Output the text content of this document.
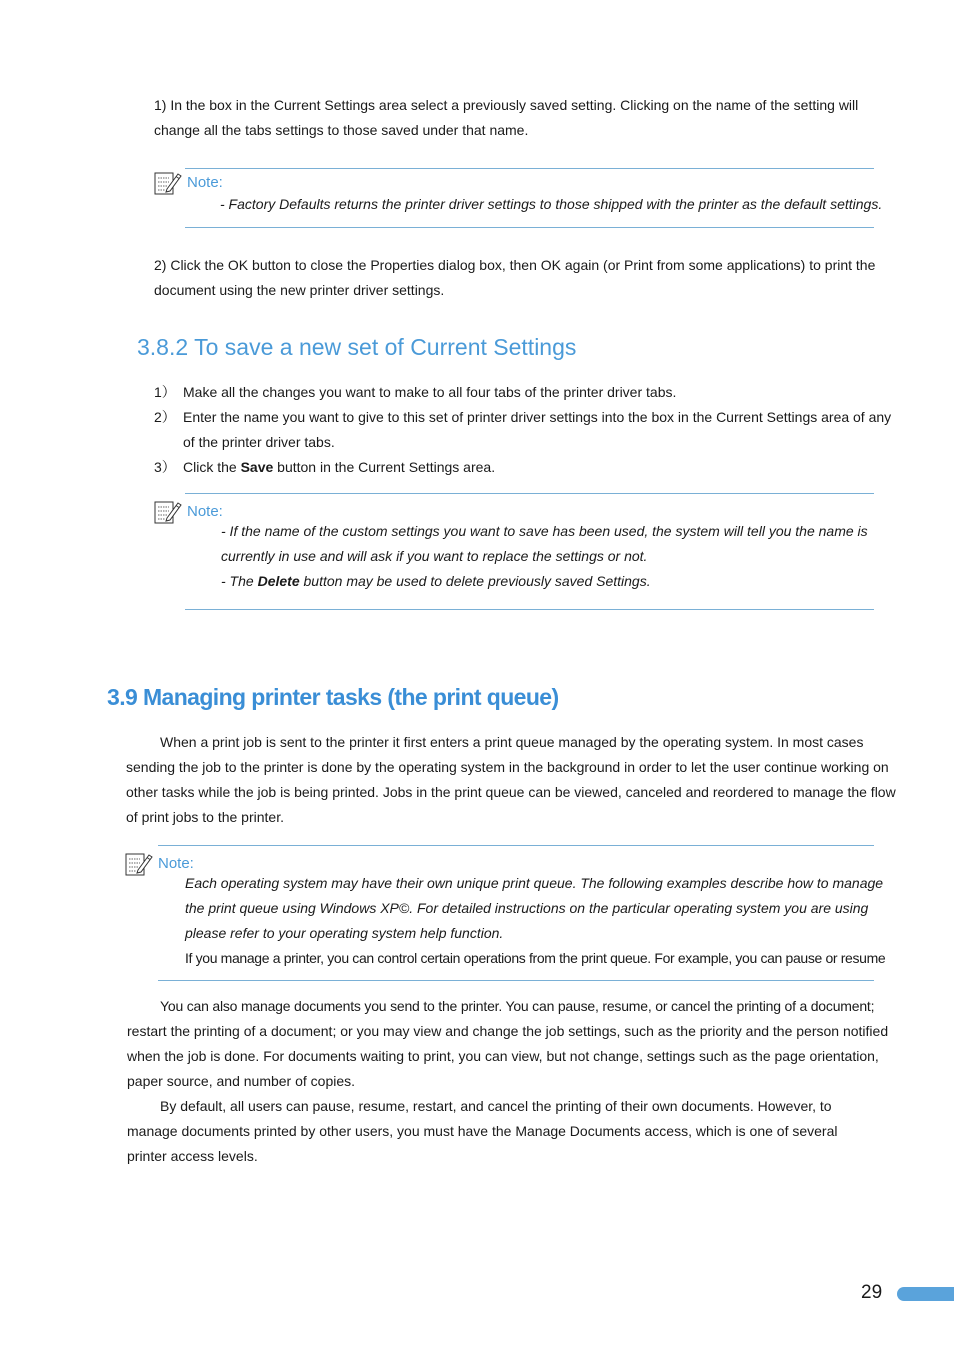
1) In the box in the Current Settings area select a previously saved setting. Clicking on the name of the setting will

change all the tabs settings to those saved under that name.

Note:

- Factory Defaults returns the printer driver settings to those shipped with the printer as the default settings.

2) Click the OK button to close the Properties dialog box, then OK again (or Print from some applications) to print the

document using the new printer driver settings.

3.8.2 To save a new set of Current Settings
1） Make all the changes you want to make to all four tabs of the printer driver tabs.
2） Enter the name you want to give to this set of printer driver settings into the box in the Current Settings area of any
of the printer driver tabs.
3） Click the Save button in the Current Settings area.
Note:

- If the name of the custom settings you want to save has been used, the system will tell you the name is

currently in use and will ask if you want to replace the settings or not.

- The Delete button may be used to delete previously saved Settings.

3.9 Managing printer tasks (the print queue)

When a print job is sent to the printer it first enters a print queue managed by the operating system. In most cases

sending the job to the printer is done by the operating system in the background in order to let the user continue working on

other tasks while the job is being printed. Jobs in the print queue can be viewed, canceled and reordered to manage the flow

of print jobs to the printer.

Note:

Each operating system may have their own unique print queue. The following examples describe how to manage

the print queue using Windows XP©. For detailed instructions on the particular operating system you are using

please refer to your operating system help function.

If you manage a printer, you can control certain operations from the print queue. For example, you can pause or resume

You can also manage documents you send to the printer. You can pause, resume, or cancel the printing of a document;

restart the printing of a document; or you may view and change the job settings, such as the priority and the person notified

when the job is done. For documents waiting to print, you can view, but not change, settings such as the page orientation,

paper source, and number of copies.

By default, all users can pause, resume, restart, and cancel the printing of their own documents. However, to

manage documents printed by other users, you must have the Manage Documents access, which is one of several

printer access levels.

29
